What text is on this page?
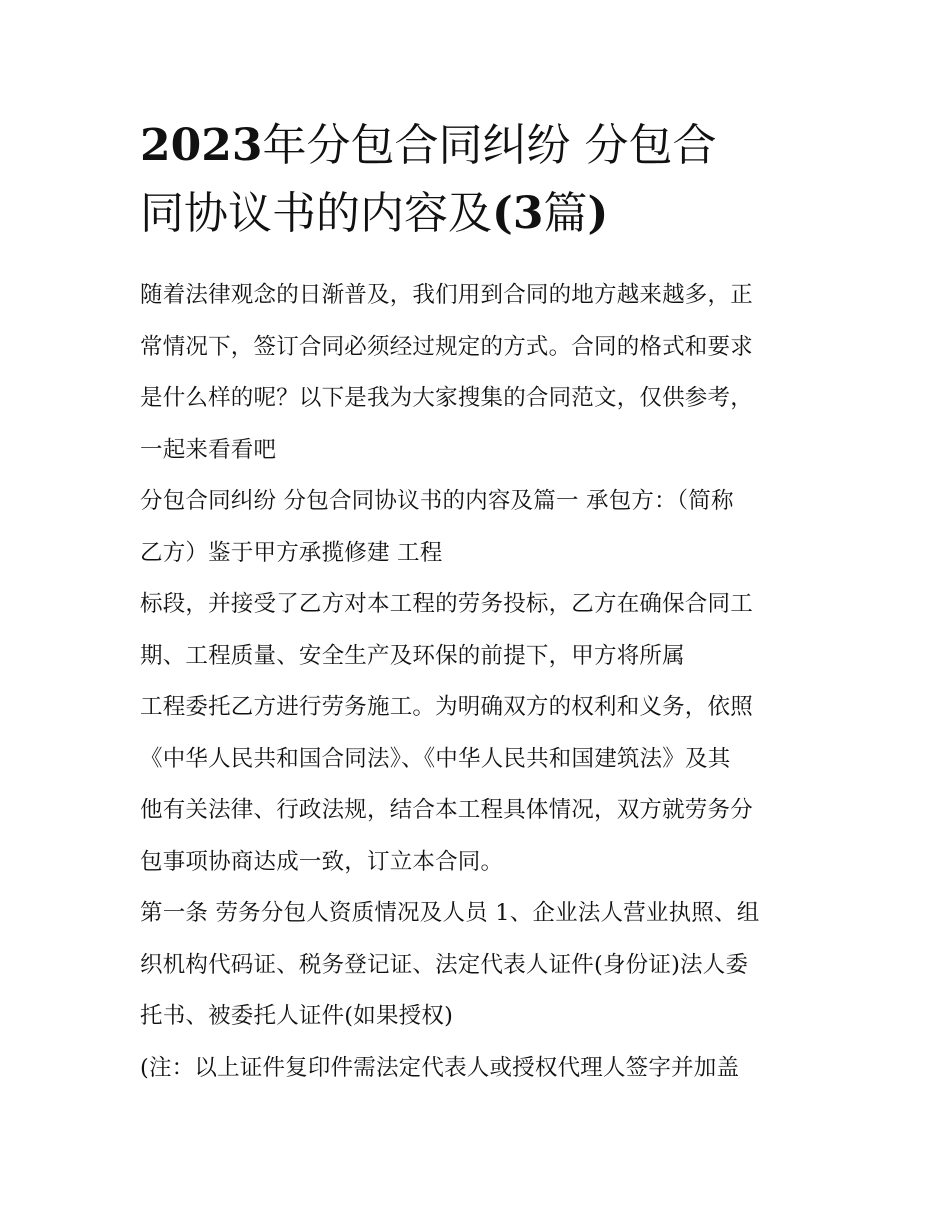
2023年分包合同纠纷 分包合
同协议书的内容及(3篇)
随着法律观念的日渐普及，我们用到合同的地方越来越多，正
常情况下，签订合同必须经过规定的方式。合同的格式和要求
是什么样的呢？以下是我为大家搜集的合同范文，仅供参考，
一起来看看吧
分包合同纠纷 分包合同协议书的内容及篇一 承包方：（简称
乙方）鉴于甲方承揽修建 工程
标段，并接受了乙方对本工程的劳务投标，乙方在确保合同工
期、工程质量、安全生产及环保的前提下，甲方将所属
工程委托乙方进行劳务施工。为明确双方的权利和义务，依照
《中华人民共和国合同法》、《中华人民共和国建筑法》及其
他有关法律、行政法规，结合本工程具体情况，双方就劳务分
包事项协商达成一致，订立本合同。
第一条 劳务分包人资质情况及人员 1、企业法人营业执照、组
织机构代码证、税务登记证、法定代表人证件(身份证)法人委
托书、被委托人证件(如果授权)
(注：以上证件复印件需法定代表人或授权代理人签字并加盖
